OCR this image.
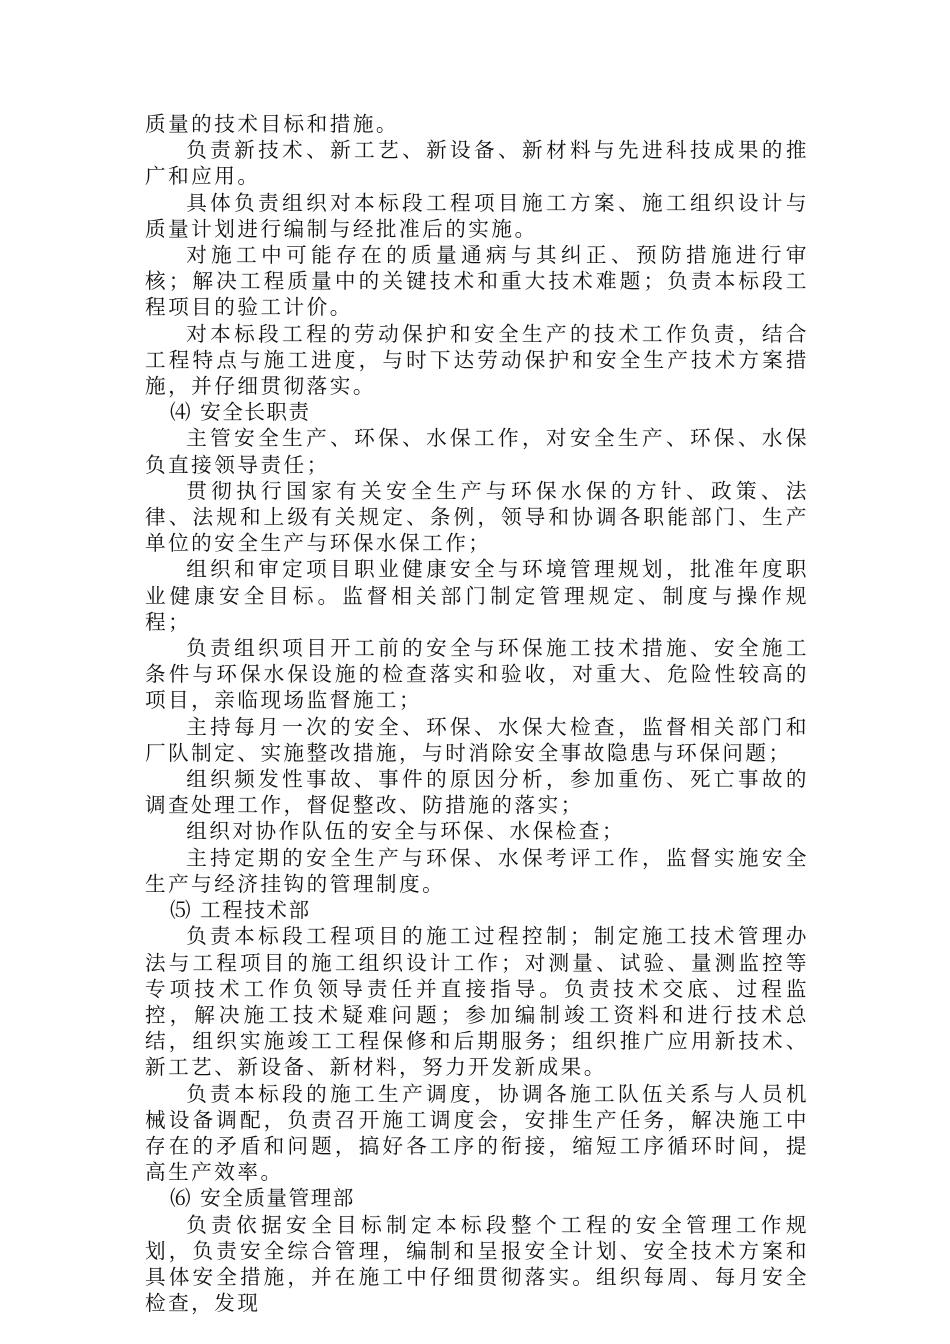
质量的技术目标和措施。

负责新技术、新工艺、新设备、新材料与先进科技成果的推广和应用。

具体负责组织对本标段工程项目施工方案、施工组织设计与质量计划进行编制与经批准后的实施。

对施工中可能存在的质量通病与其纠正、预防措施进行审核；解决工程质量中的关键技术和重大技术难题；负责本标段工程项目的验工计价。

对本标段工程的劳动保护和安全生产的技术工作负责，结合工程特点与施工进度，与时下达劳动保护和安全生产技术方案措施，并仔细贯彻落实。

⑷ 安全长职责

主管安全生产、环保、水保工作，对安全生产、环保、水保负直接领导责任；

贯彻执行国家有关安全生产与环保水保的方针、政策、法律、法规和上级有关规定、条例，领导和协调各职能部门、生产单位的安全生产与环保水保工作；

组织和审定项目职业健康安全与环境管理规划，批准年度职业健康安全目标。监督相关部门制定管理规定、制度与操作规程；

负责组织项目开工前的安全与环保施工技术措施、安全施工条件与环保水保设施的检查落实和验收，对重大、危险性较高的项目，亲临现场监督施工；

主持每月一次的安全、环保、水保大检查，监督相关部门和厂队制定、实施整改措施，与时消除安全事故隐患与环保问题；

组织频发性事故、事件的原因分析，参加重伤、死亡事故的调查处理工作，督促整改、防措施的落实；

组织对协作队伍的安全与环保、水保检查；

主持定期的安全生产与环保、水保考评工作，监督实施安全生产与经济挂钩的管理制度。

⑸ 工程技术部

负责本标段工程项目的施工过程控制；制定施工技术管理办法与工程项目的施工组织设计工作；对测量、试验、量测监控等专项技术工作负领导责任并直接指导。负责技术交底、过程监控，解决施工技术疑难问题；参加编制竣工资料和进行技术总结，组织实施竣工工程保修和后期服务；组织推广应用新技术、新工艺、新设备、新材料，努力开发新成果。

负责本标段的施工生产调度，协调各施工队伍关系与人员机械设备调配，负责召开施工调度会，安排生产任务，解决施工中存在的矛盾和问题，搞好各工序的衔接，缩短工序循环时间，提高生产效率。

⑹ 安全质量管理部

负责依据安全目标制定本标段整个工程的安全管理工作规划，负责安全综合管理，编制和呈报安全计划、安全技术方案和具体安全措施，并在施工中仔细贯彻落实。组织每周、每月安全检查，发现
